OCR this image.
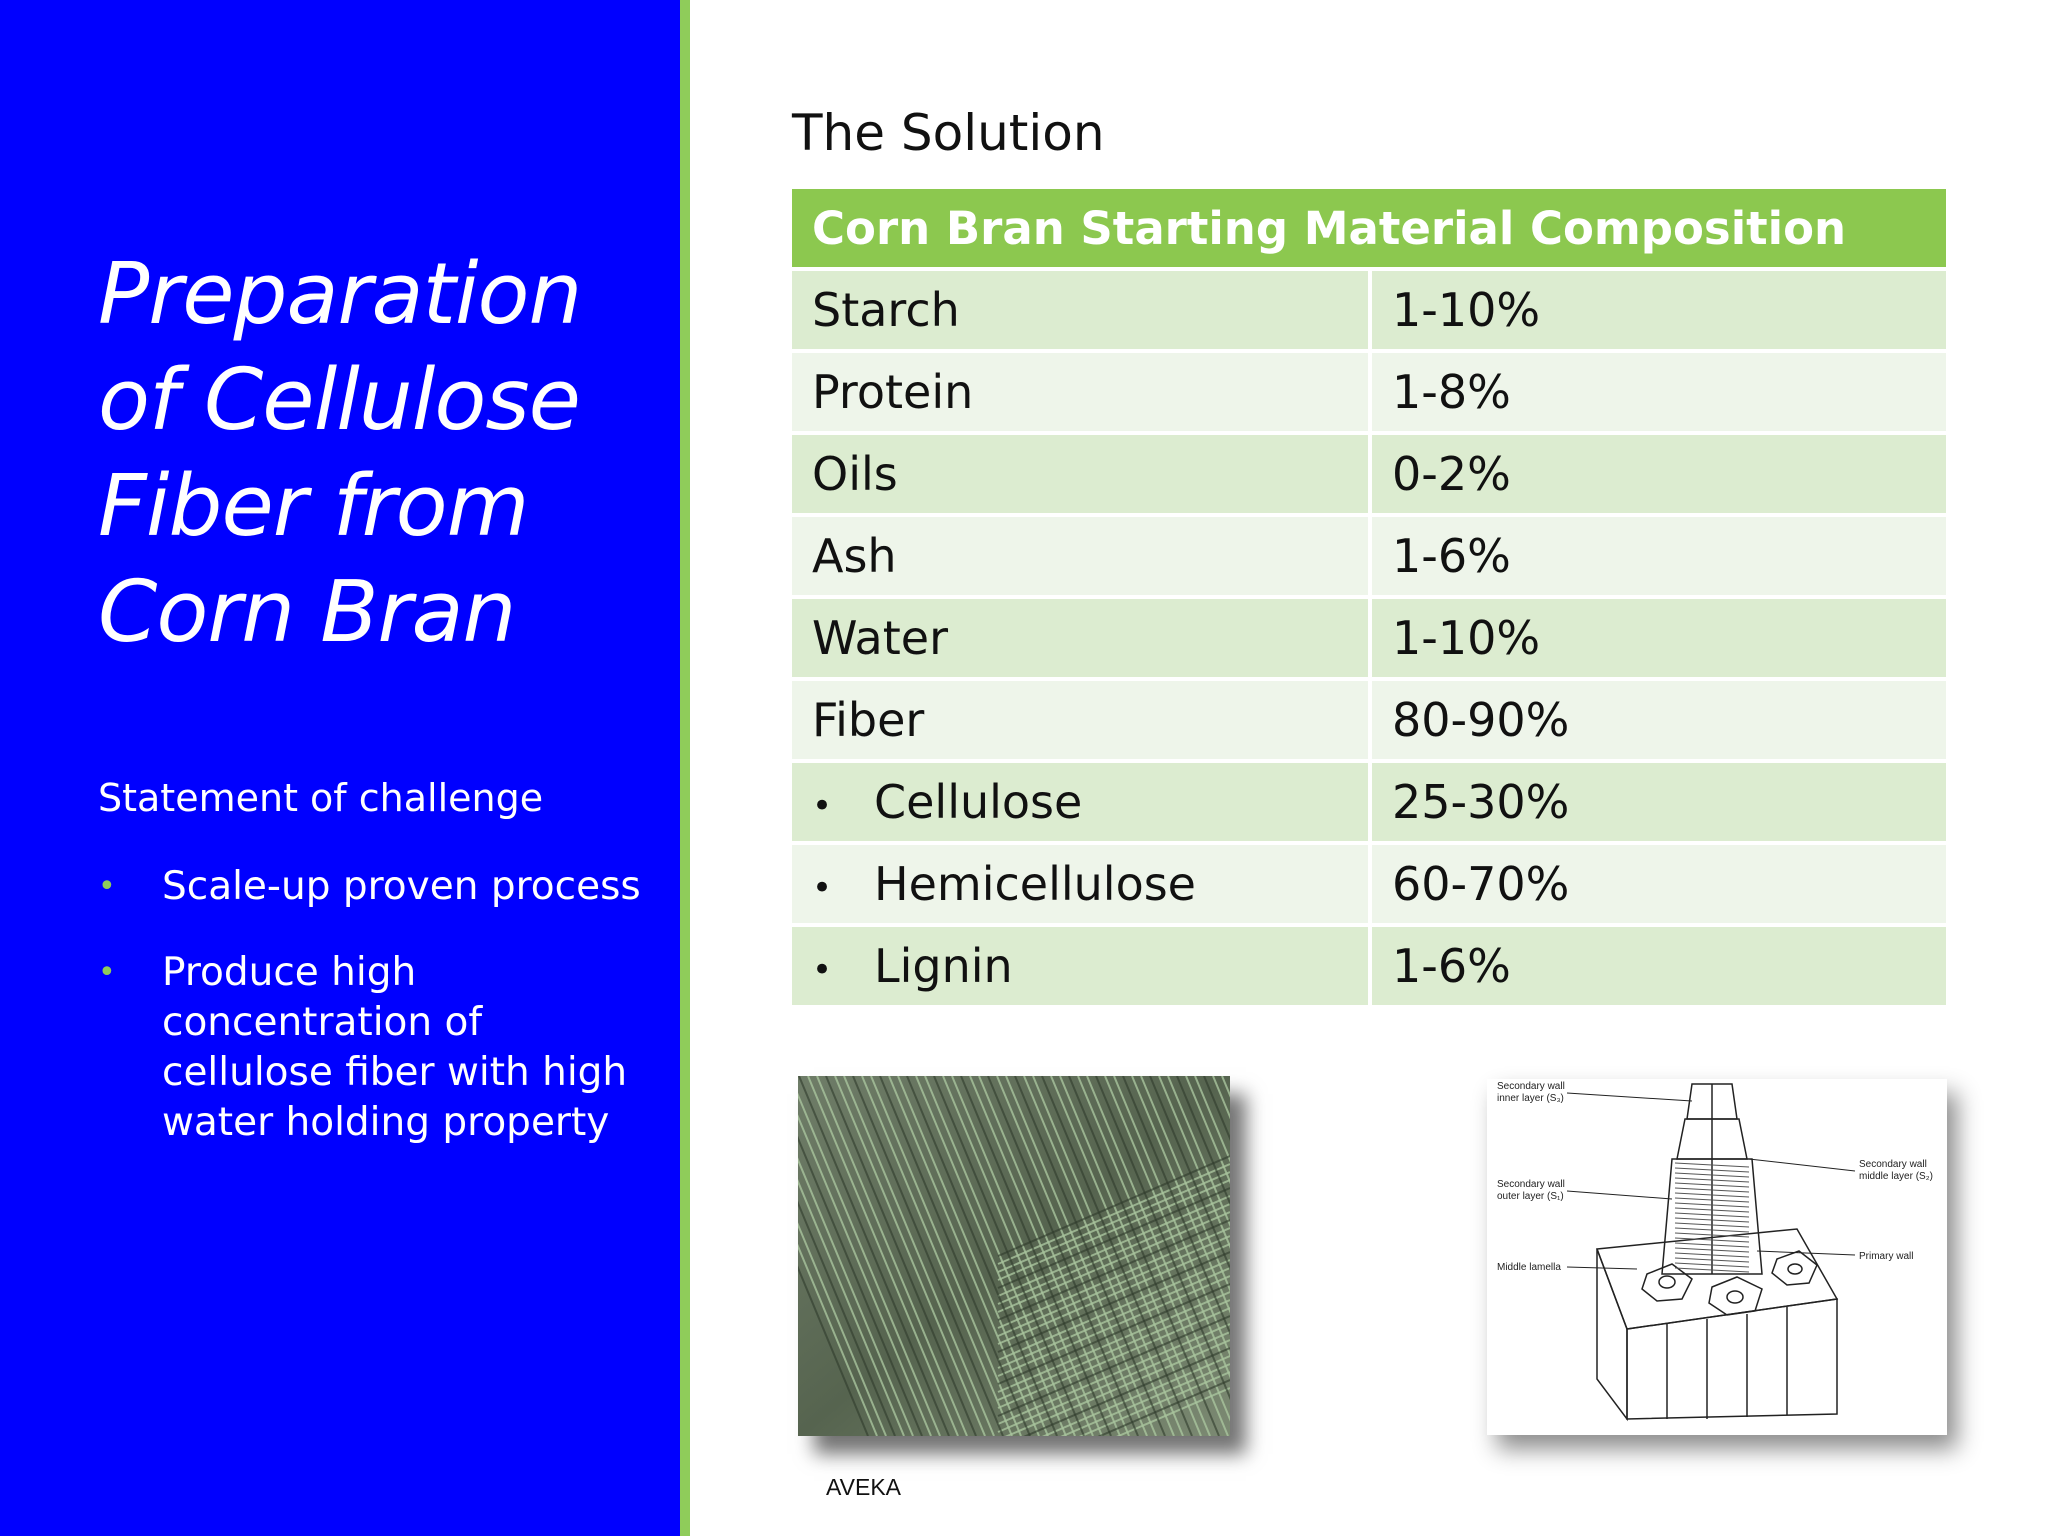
Preparation
of Cellulose
Fiber from
Corn Bran
Statement of challenge
• Scale-up proven process
• Produce high concentration of cellulose fiber with high water holding property
The Solution
Corn Bran Starting Material Composition	
Starch	1-10%
Protein	1-8%
Oils	0-2%
Ash	1-6%
Water	1-10%
Fiber	80-90%
• Cellulose	25-30%
• Hemicellulose	60-70%
• Lignin	1-6%
Secondary wall
inner layer (S₃)
Secondary wall
middle layer (S₂)
Secondary wall
outer layer (S₁)
Primary wall
Middle lamella
AVEKA
